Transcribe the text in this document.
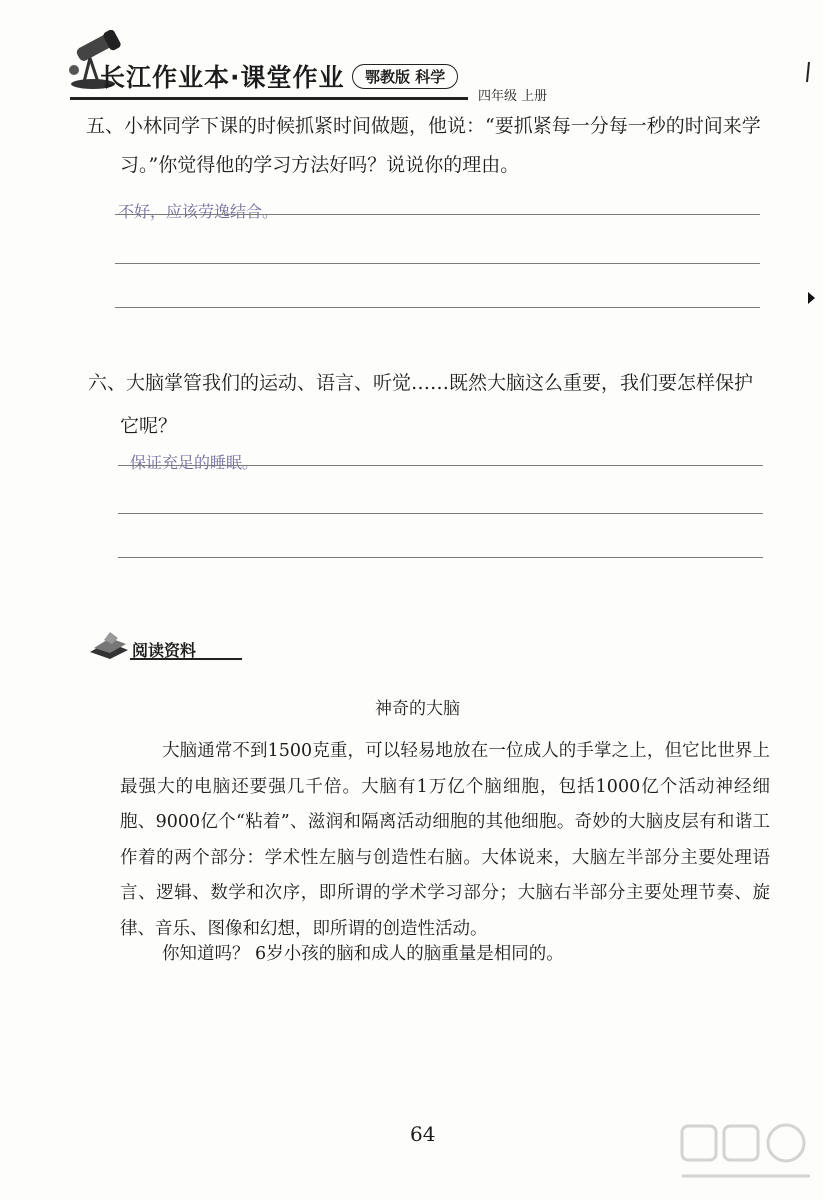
长江作业本·课堂作业	鄂教版 科学
四年级 上册
五、小林同学下课的时候抓紧时间做题，他说：“要抓紧每一分每一秒的时间来学
习。”你觉得他的学习方法好吗？说说你的理由。
不好，应该劳逸结合。
六、大脑掌管我们的运动、语言、听觉……既然大脑这么重要，我们要怎样保护
它呢？
保证充足的睡眠。
阅读资料
神奇的大脑
大脑通常不到1500克重，可以轻易地放在一位成人的手掌之上，但它比世界上最强大的电脑还要强几千倍。大脑有1万亿个脑细胞，包括1000亿个活动神经细胞、9000亿个“粘着”、滋润和隔离活动细胞的其他细胞。奇妙的大脑皮层有和谐工作着的两个部分：学术性左脑与创造性右脑。大体说来，大脑左半部分主要处理语言、逻辑、数学和次序，即所谓的学术学习部分；大脑右半部分主要处理节奏、旋律、音乐、图像和幻想，即所谓的创造性活动。
你知道吗？ 6岁小孩的脑和成人的脑重量是相同的。
64
